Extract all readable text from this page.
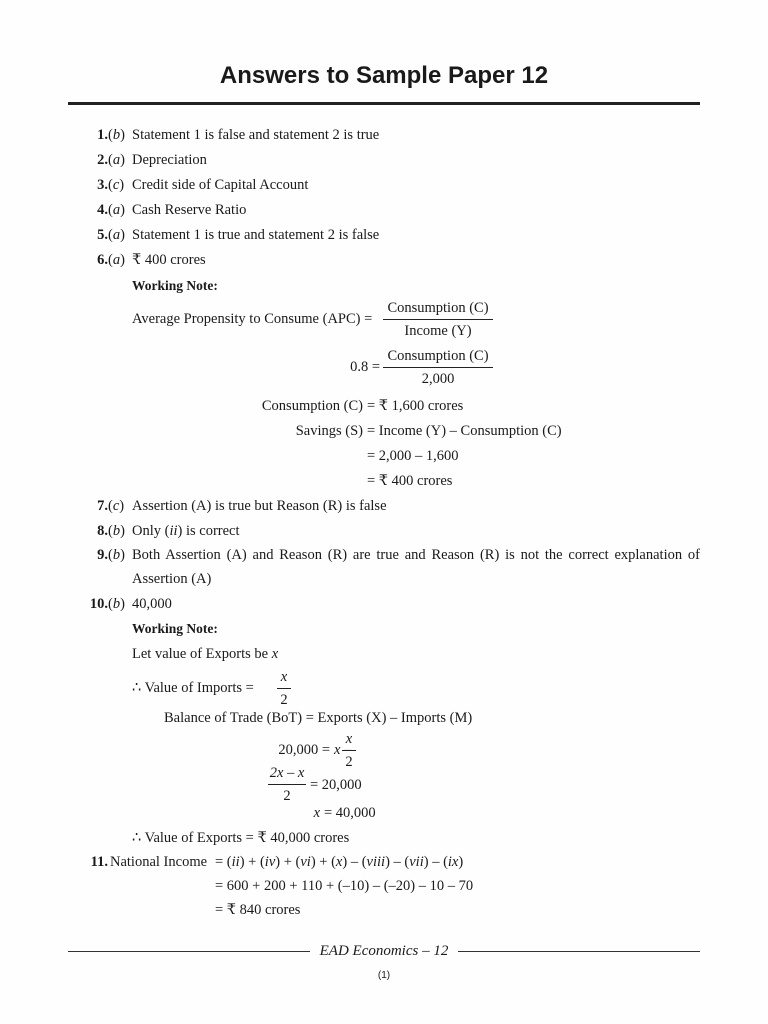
Answers to Sample Paper 12
1. (b) Statement 1 is false and statement 2 is true
2. (a) Depreciation
3. (c) Credit side of Capital Account
4. (a) Cash Reserve Ratio
5. (a) Statement 1 is true and statement 2 is false
6. (a) ₹ 400 crores
Working Note:
Average Propensity to Consume (APC) =
Consumption (C)
Income (Y)
0.8 =
Consumption (C)
2,000
Consumption (C) = ₹ 1,600 crores
Savings (S) = Income (Y) – Consumption (C)
= 2,000 – 1,600
= ₹ 400 crores
7. (c) Assertion (A) is true but Reason (R) is false
8. (b) Only (ii) is correct
9. (b) Both Assertion (A) and Reason (R) are true and Reason (R) is not the correct explanation of
Assertion (A)
10. (b) 40,000
Working Note:
Let value of Exports be x
∴ Value of Imports =
x
2
Balance of Trade (BoT) = Exports (X) – Imports (M)
20,000 = x
x
2
2x – x
2
= 20,000
x = 40,000
∴ Value of Exports = ₹ 40,000 crores
11. National Income = (ii) + (iv) + (vi) + (x) – (viii) – (vii) – (ix)
= 600 + 200 + 110 + (–10) – (–20) – 10 – 70
= ₹ 840 crores
EAD Economics – 12
(1)
